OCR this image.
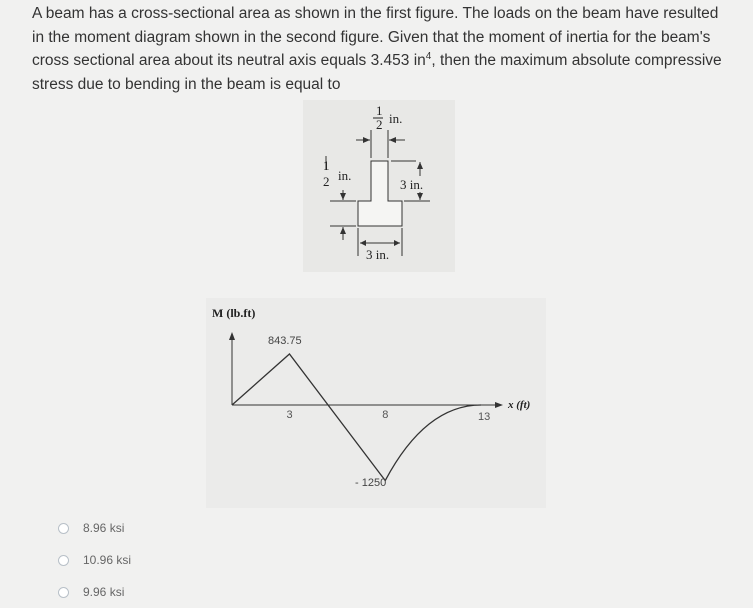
A beam has a cross-sectional area as shown in the first figure. The loads on the beam have resulted in the moment diagram shown in the second figure. Given that the moment of inertia for the beam's cross sectional area about its neutral axis equals 3.453 $in^4$, then the maximum absolute compressive stress due to bending in the beam is equal to
1
2 in.
1
2 in.
3 in.
3 in.
3	8	13
M (lb.ft)
x (ft)
843.75
- 1250
8.96 ksi
10.96 ksi
9.96 ksi
